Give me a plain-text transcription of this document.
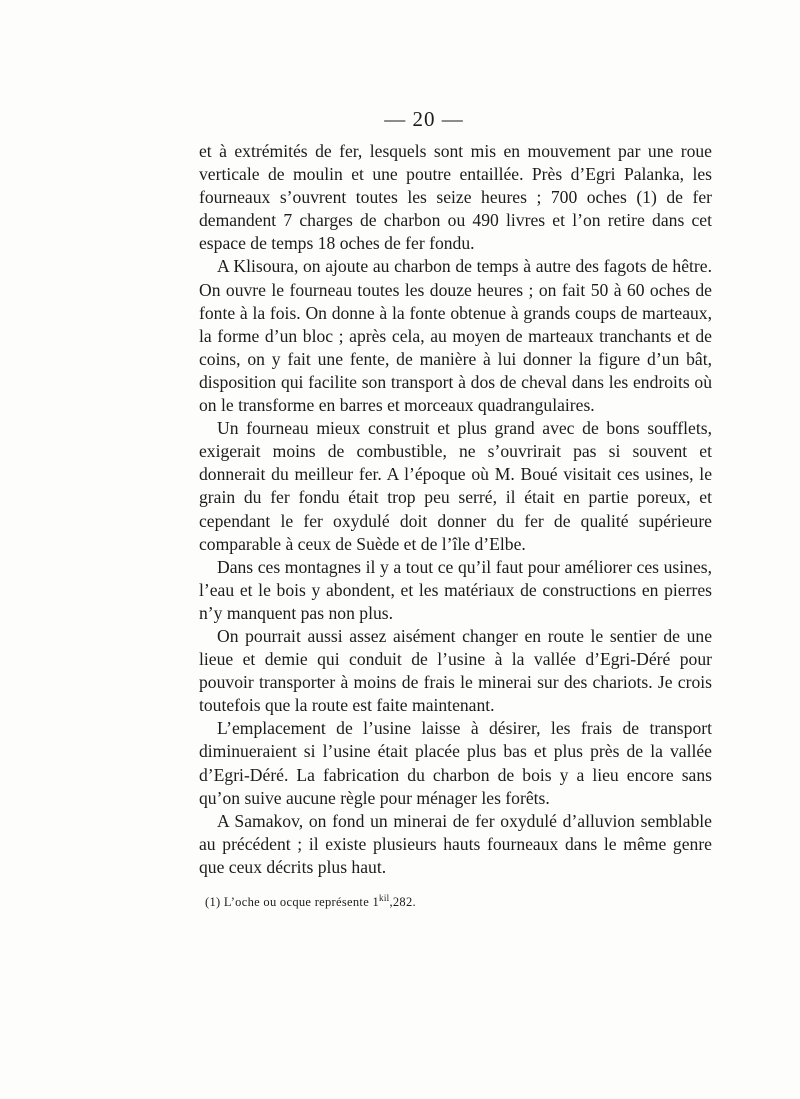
— 20 —

et à extrémités de fer, lesquels sont mis en mouvement par une roue verticale de moulin et une poutre entaillée. Près d’Egri Palanka, les fourneaux s’ouvrent toutes les seize heures ; 700 oches (1) de fer demandent 7 charges de charbon ou 490 livres et l’on retire dans cet espace de temps 18 oches de fer fondu.

A Klisoura, on ajoute au charbon de temps à autre des fagots de hêtre. On ouvre le fourneau toutes les douze heures ; on fait 50 à 60 oches de fonte à la fois. On donne à la fonte obtenue à grands coups de marteaux, la forme d’un bloc ; après cela, au moyen de marteaux tranchants et de coins, on y fait une fente, de manière à lui donner la figure d’un bât, disposition qui facilite son transport à dos de cheval dans les endroits où on le transforme en barres et morceaux quadrangulaires.

Un fourneau mieux construit et plus grand avec de bons soufflets, exigerait moins de combustible, ne s’ouvrirait pas si souvent et donnerait du meilleur fer. A l’époque où M. Boué visitait ces usines, le grain du fer fondu était trop peu serré, il était en partie poreux, et cependant le fer oxydulé doit donner du fer de qualité supérieure comparable à ceux de Suède et de l’île d’Elbe.

Dans ces montagnes il y a tout ce qu’il faut pour améliorer ces usines, l’eau et le bois y abondent, et les matériaux de constructions en pierres n’y manquent pas non plus.

On pourrait aussi assez aisément changer en route le sentier de une lieue et demie qui conduit de l’usine à la vallée d’Egri-Déré pour pouvoir transporter à moins de frais le minerai sur des chariots. Je crois toutefois que la route est faite maintenant.

L’emplacement de l’usine laisse à désirer, les frais de transport diminueraient si l’usine était placée plus bas et plus près de la vallée d’Egri-Déré. La fabrication du charbon de bois y a lieu encore sans qu’on suive aucune règle pour ménager les forêts.

A Samakov, on fond un minerai de fer oxydulé d’alluvion semblable au précédent ; il existe plusieurs hauts fourneaux dans le même genre que ceux décrits plus haut.

(1) L’oche ou ocque représente $1^{kil},282$.
